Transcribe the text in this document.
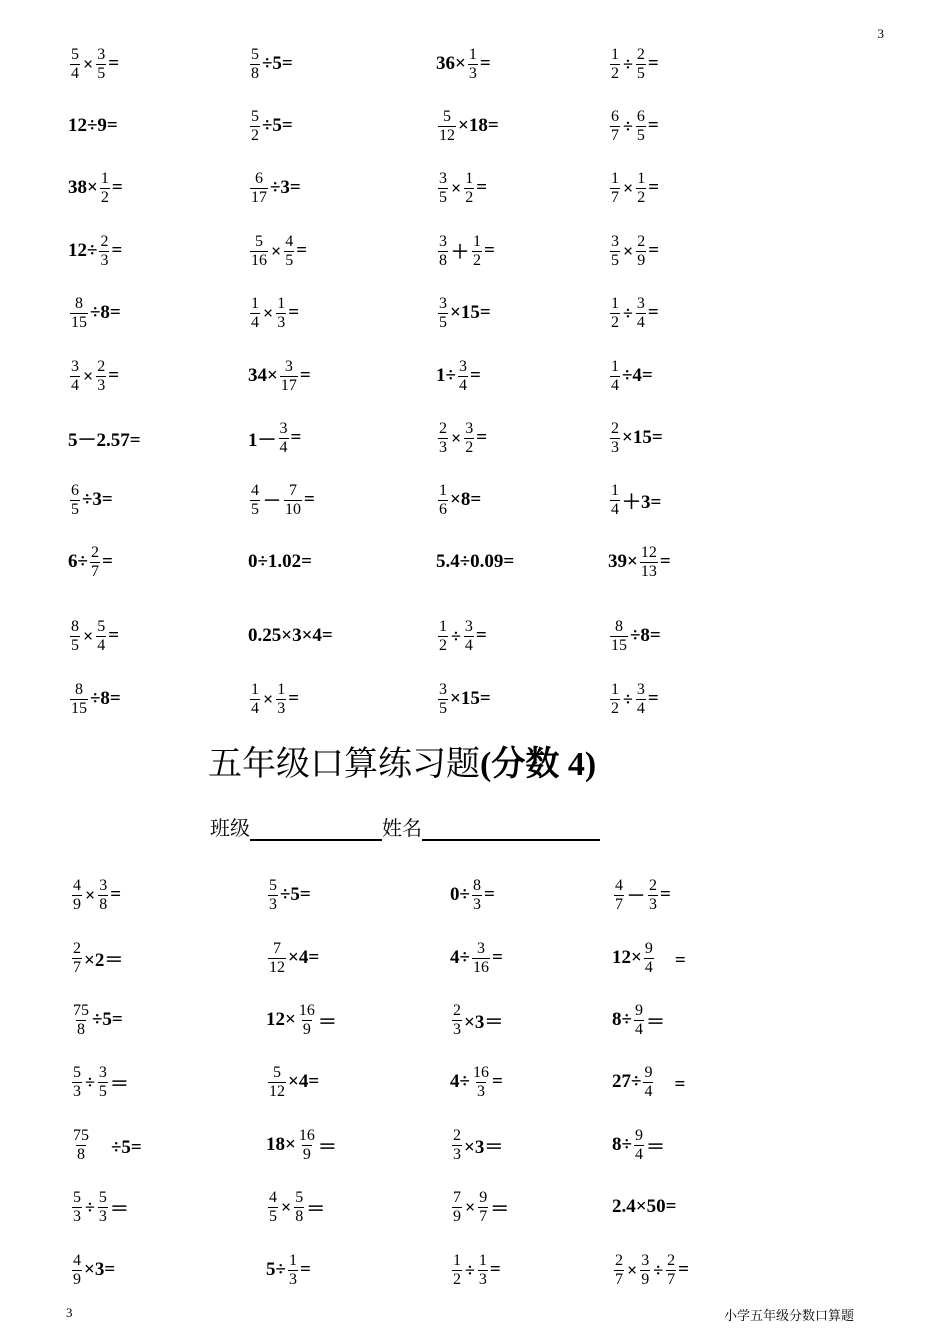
3
$\frac{5}{4} \times \frac{3}{5}$ =	$\frac{5}{8} \div 5=$	$36\times \frac{1}{3}$ =	$\frac{1}{2} \div \frac{2}{5}$ =
12÷9=	$\frac{5}{2} \div 5=$	$\frac{5}{12} \times 18=$	$\frac{6}{7} \div \frac{6}{5}$ =
$38\times \frac{1}{2}$ =	$\frac{6}{17} \div 3=$	$\frac{3}{5} \times \frac{1}{2}$ =	$\frac{1}{7} \times \frac{1}{2}$ =
$12\div \frac{2}{3}$ =	$\frac{5}{16} \times \frac{4}{5}$ =	$\frac{3}{8} + \frac{1}{2}$ =	$\frac{3}{5} \times \frac{2}{9}$ =
$\frac{8}{15} \div 8=$	$\frac{1}{4} \times \frac{1}{3}$ =	$\frac{3}{5} \times 15=$	$\frac{1}{2} \div \frac{3}{4}$ =
$\frac{3}{4} \times \frac{2}{3}$ =	$34\times \frac{3}{17}$ =	$1\div \frac{3}{4}$ =	$\frac{1}{4} \div 4=$
5－2.57=	$1- \frac{3}{4}$ =	$\frac{2}{3} \times \frac{3}{2}$ =	$\frac{2}{3} \times 15=$
$\frac{6}{5} \div 3=$	$\frac{4}{5} - \frac{7}{10}$ =	$\frac{1}{6} \times 8=$	$\frac{1}{4} +3=$
$6\div \frac{2}{7}$ =	0÷1.02=	5.4÷0.09=	$39\times \frac{12}{13}$ =
$\frac{8}{5} \times \frac{5}{4}$ =	0.25×3×4=	$\frac{1}{2} \div \frac{3}{4}$ =	$\frac{8}{15} \div 8=$
$\frac{8}{15} \div 8=$	$\frac{1}{4} \times \frac{1}{3}$ =	$\frac{3}{5} \times 15=$	$\frac{1}{2} \div \frac{3}{4}$ =
$\frac{4}{9} \times \frac{3}{8}$ =	$\frac{5}{3} \div 5=$	$0\div \frac{8}{3}$ =	$\frac{4}{7} - \frac{2}{3}$ =
$\frac{2}{7} \times 2=$	$\frac{7}{12} \times 4=$	$4\div \frac{3}{16}$ =	$12\times \frac{9}{4}$ 　=
$\frac{75}{8} \div 5=$	$12\times \frac{16}{9}$ ＝	$\frac{2}{3} \times 3=$	$8\div \frac{9}{4}$ ＝
$\frac{5}{3} \div \frac{3}{5}$ ＝	$\frac{5}{12} \times 4=$	$4\div \frac{16}{3}$ =	$27\div \frac{9}{4}$ 　=
$\frac{75}{8}$ 　÷5=	$18\times \frac{16}{9}$ ＝	$\frac{2}{3} \times 3=$	$8\div \frac{9}{4}$ ＝
$\frac{5}{3} \div \frac{5}{3}$ ＝	$\frac{4}{5} \times \frac{5}{8}$ ＝	$\frac{7}{9} \times \frac{9}{7}$ ＝	2.4×50=
$\frac{4}{9} \times 3=$	$5\div \frac{1}{3}$ =	$\frac{1}{2} \div \frac{1}{3}$ =	$\frac{2}{7} \times \frac{3}{9} \div \frac{2}{7}$ =
五年级口算练习题(分数 4)
班级	姓名
3	小学五年级分数口算题
